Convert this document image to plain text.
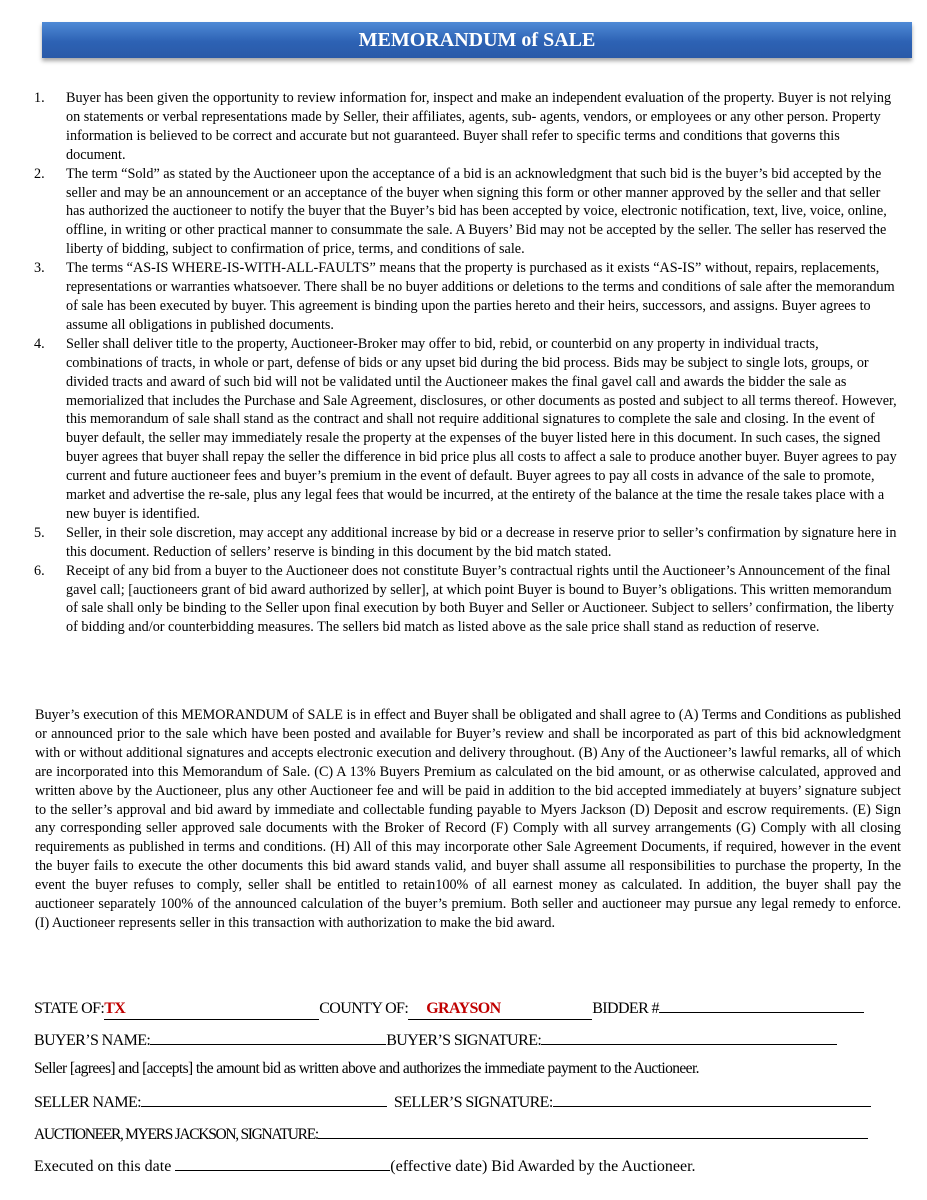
MEMORANDUM of SALE
1. Buyer has been given the opportunity to review information for, inspect and make an independent evaluation of the property. Buyer is not relying on statements or verbal representations made by Seller, their affiliates, agents, sub- agents, vendors, or employees or any other person. Property information is believed to be correct and accurate but not guaranteed. Buyer shall refer to specific terms and conditions that governs this document.
2. The term “Sold” as stated by the Auctioneer upon the acceptance of a bid is an acknowledgment that such bid is the buyer’s bid accepted by the seller and may be an announcement or an acceptance of the buyer when signing this form or other manner approved by the seller and that seller has authorized the auctioneer to notify the buyer that the Buyer’s bid has been accepted by voice, electronic notification, text, live, voice, online, offline, in writing or other practical manner to consummate the sale. A Buyers’ Bid may not be accepted by the seller. The seller has reserved the liberty of bidding, subject to confirmation of price, terms, and conditions of sale.
3. The terms “AS-IS WHERE-IS-WITH-ALL-FAULTS” means that the property is purchased as it exists “AS-IS” without, repairs, replacements, representations or warranties whatsoever. There shall be no buyer additions or deletions to the terms and conditions of sale after the memorandum of sale has been executed by buyer. This agreement is binding upon the parties hereto and their heirs, successors, and assigns. Buyer agrees to assume all obligations in published documents.
4. Seller shall deliver title to the property, Auctioneer-Broker may offer to bid, rebid, or counterbid on any property in individual tracts, combinations of tracts, in whole or part, defense of bids or any upset bid during the bid process. Bids may be subject to single lots, groups, or divided tracts and award of such bid will not be validated until the Auctioneer makes the final gavel call and awards the bidder the sale as memorialized that includes the Purchase and Sale Agreement, disclosures, or other documents as posted and subject to all terms thereof. However, this memorandum of sale shall stand as the contract and shall not require additional signatures to complete the sale and closing. In the event of buyer default, the seller may immediately resale the property at the expenses of the buyer listed here in this document. In such cases, the signed buyer agrees that buyer shall repay the seller the difference in bid price plus all costs to affect a sale to produce another buyer. Buyer agrees to pay current and future auctioneer fees and buyer’s premium in the event of default. Buyer agrees to pay all costs in advance of the sale to promote, market and advertise the re-sale, plus any legal fees that would be incurred, at the entirety of the balance at the time the resale takes place with a new buyer is identified.
5. Seller, in their sole discretion, may accept any additional increase by bid or a decrease in reserve prior to seller’s confirmation by signature here in this document. Reduction of sellers’ reserve is binding in this document by the bid match stated.
6. Receipt of any bid from a buyer to the Auctioneer does not constitute Buyer’s contractual rights until the Auctioneer’s Announcement of the final gavel call; [auctioneers grant of bid award authorized by seller], at which point Buyer is bound to Buyer’s obligations. This written memorandum of sale shall only be binding to the Seller upon final execution by both Buyer and Seller or Auctioneer. Subject to sellers’ confirmation, the liberty of bidding and/or counterbidding measures. The sellers bid match as listed above as the sale price shall stand as reduction of reserve.

Buyer’s execution of this MEMORANDUM of SALE is in effect and Buyer shall be obligated and shall agree to (A) Terms and Conditions as published or announced prior to the sale which have been posted and available for Buyer’s review and shall be incorporated as part of this bid acknowledgment with or without additional signatures and accepts electronic execution and delivery throughout. (B) Any of the Auctioneer’s lawful remarks, all of which are incorporated into this Memorandum of Sale. (C) A 13% Buyers Premium as calculated on the bid amount, or as otherwise calculated, approved and written above by the Auctioneer, plus any other Auctioneer fee and will be paid in addition to the bid accepted immediately at buyers’ signature subject to the seller’s approval and bid award by immediate and collectable funding payable to Myers Jackson (D) Deposit and escrow requirements. (E) Sign any corresponding seller approved sale documents with the Broker of Record (F) Comply with all survey arrangements (G) Comply with all closing requirements as published in terms and conditions. (H) All of this may incorporate other Sale Agreement Documents, if required, however in the event the buyer fails to execute the other documents this bid award stands valid, and buyer shall assume all responsibilities to purchase the property, In the event the buyer refuses to comply, seller shall be entitled to retain100% of all earnest money as calculated. In addition, the buyer shall pay the auctioneer separately 100% of the announced calculation of the buyer’s premium. Both seller and auctioneer may pursue any legal remedy to enforce. (I) Auctioneer represents seller in this transaction with authorization to make the bid award.

STATE OF:TX	COUNTY OF: GRAYSON	BIDDER #
BUYER’S NAME:	BUYER’S SIGNATURE:
Seller [agrees] and [accepts] the amount bid as written above and authorizes the immediate payment to the Auctioneer.
SELLER NAME:	SELLER’S SIGNATURE:
AUCTIONEER, MYERS JACKSON, SIGNATURE:
Executed on this date	(effective date) Bid Awarded by the Auctioneer.
